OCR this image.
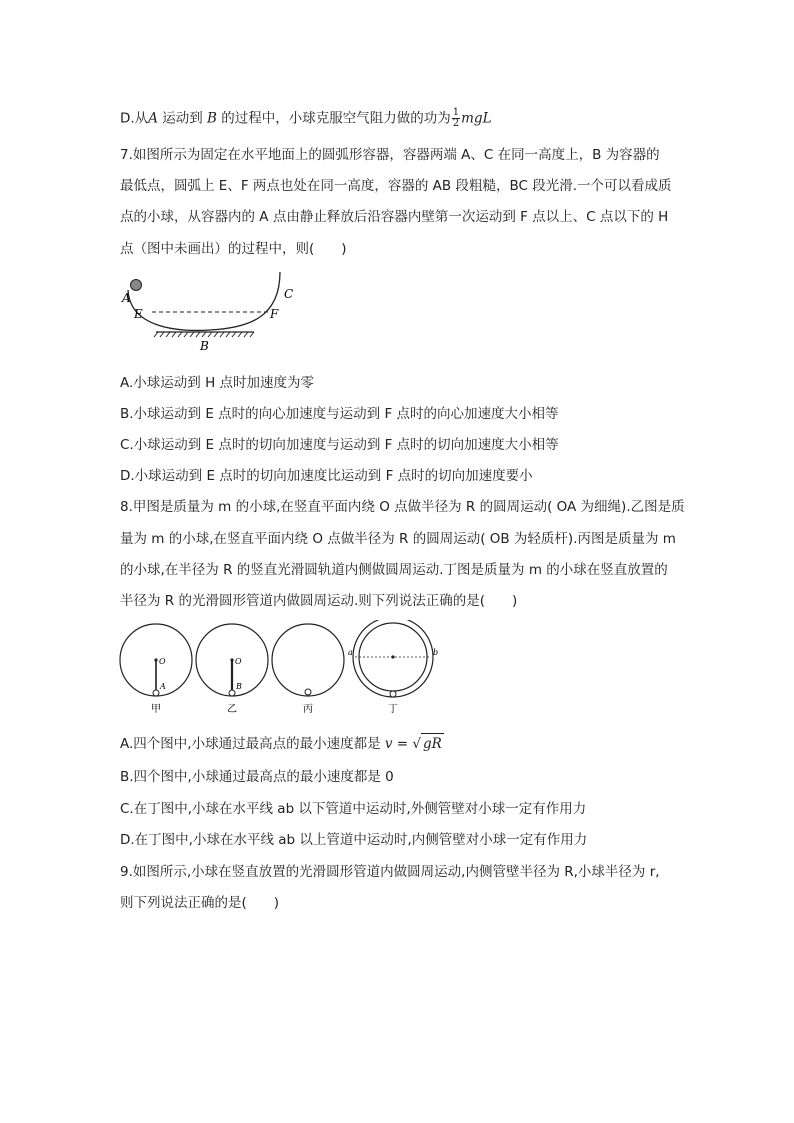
D.从A 运动到 B 的过程中，小球克服空气阻力做的功为 $\frac{1}{2}$ mgL
7.如图所示为固定在水平地面上的圆弧形容器，容器两端 A、C 在同一高度上，B 为容器的
最低点，圆弧上 E、F 两点也处在同一高度，容器的 AB 段粗糙，BC 段光滑.一个可以看成质
点的小球，从容器内的 A 点由静止释放后沿容器内壁第一次运动到 F 点以上、C 点以下的 H
点（图中未画出）的过程中，则(　　)
A	C
E	F
B
A.小球运动到 H 点时加速度为零
B.小球运动到 E 点时的向心加速度与运动到 F 点时的向心加速度大小相等
C.小球运动到 E 点时的切向加速度与运动到 F 点时的切向加速度大小相等
D.小球运动到 E 点时的切向加速度比运动到 F 点时的切向加速度要小
8.甲图是质量为 m 的小球,在竖直平面内绕 O 点做半径为 R 的圆周运动( OA 为细绳).乙图是质
量为 m 的小球,在竖直平面内绕 O 点做半径为 R 的圆周运动( OB 为轻质杆).丙图是质量为 m
的小球,在半径为 R 的竖直光滑圆轨道内侧做圆周运动.丁图是质量为 m 的小球在竖直放置的
半径为 R 的光滑圆形管道内做圆周运动.则下列说法正确的是(　　)
O
A
O
B
a	b
甲	乙	丙	丁
A.四个图中,小球通过最高点的最小速度都是 v = √ gR
B.四个图中,小球通过最高点的最小速度都是 0
C.在丁图中,小球在水平线 ab 以下管道中运动时,外侧管壁对小球一定有作用力
D.在丁图中,小球在水平线 ab 以上管道中运动时,内侧管壁对小球一定有作用力
9.如图所示,小球在竖直放置的光滑圆形管道内做圆周运动,内侧管壁半径为 R,小球半径为 r,
则下列说法正确的是(　　)
